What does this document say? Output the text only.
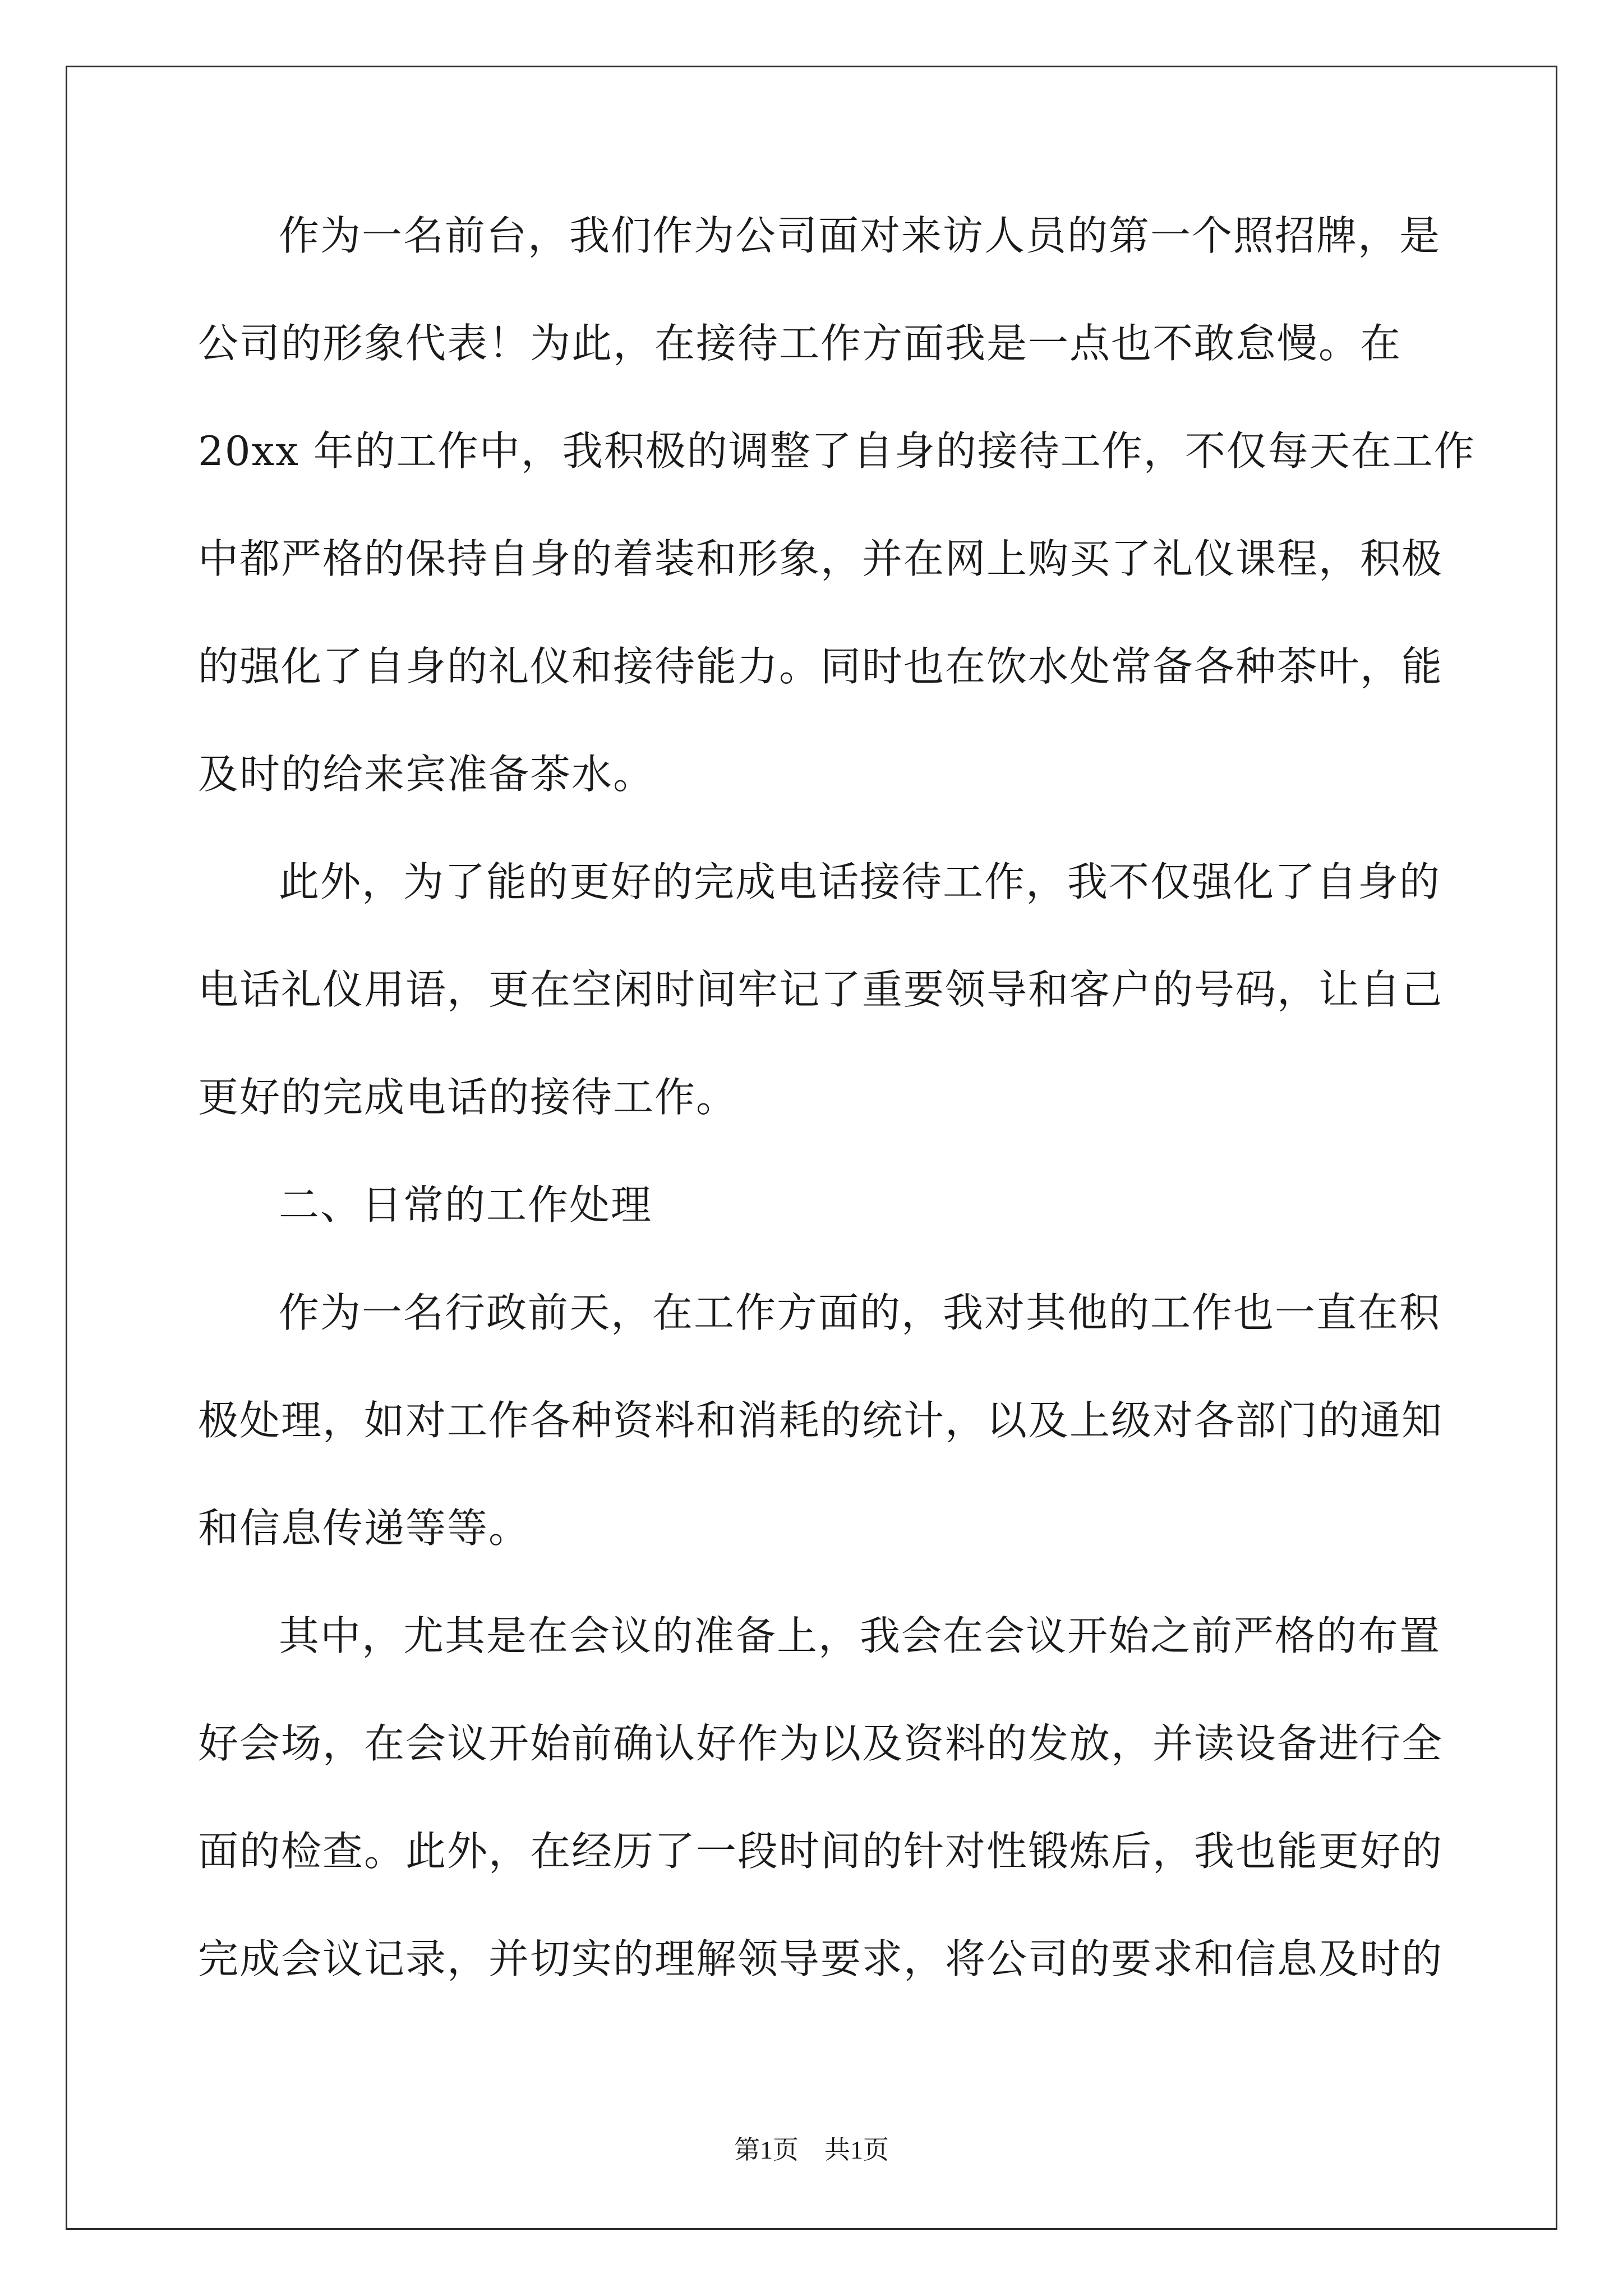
作为一名前台，我们作为公司面对来访人员的第一个照招牌，是
公司的形象代表！为此，在接待工作方面我是一点也不敢怠慢。在
20xx 年的工作中，我积极的调整了自身的接待工作，不仅每天在工作
中都严格的保持自身的着装和形象，并在网上购买了礼仪课程，积极
的强化了自身的礼仪和接待能力。同时也在饮水处常备各种茶叶，能
及时的给来宾准备茶水。
此外，为了能的更好的完成电话接待工作，我不仅强化了自身的
电话礼仪用语，更在空闲时间牢记了重要领导和客户的号码，让自己
更好的完成电话的接待工作。
二、日常的工作处理
作为一名行政前天，在工作方面的，我对其他的工作也一直在积
极处理，如对工作各种资料和消耗的统计，以及上级对各部门的通知
和信息传递等等。
其中，尤其是在会议的准备上，我会在会议开始之前严格的布置
好会场，在会议开始前确认好作为以及资料的发放，并读设备进行全
面的检查。此外，在经历了一段时间的针对性锻炼后，我也能更好的
完成会议记录，并切实的理解领导要求，将公司的要求和信息及时的
第1页　共1页
